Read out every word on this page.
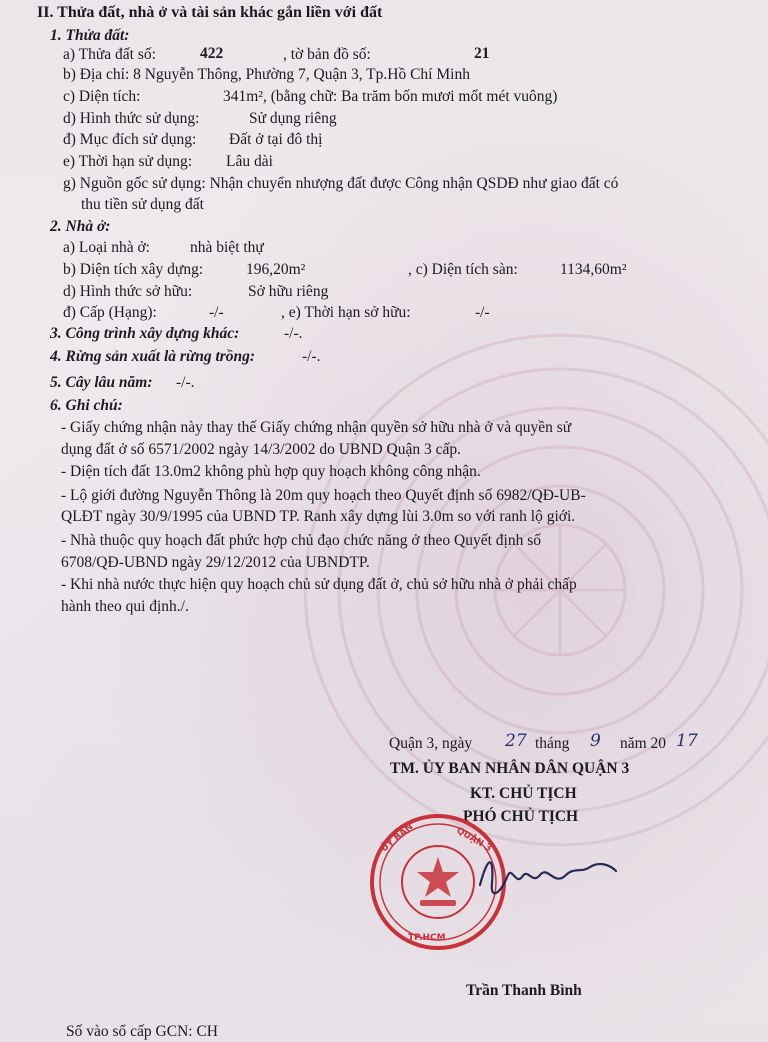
II. Thửa đất, nhà ở và tài sản khác gắn liền với đất
1. Thửa đất:
a) Thửa đất số:	422	, tờ bản đồ số:	21
b) Địa chỉ: 8 Nguyễn Thông, Phường 7, Quận 3, Tp.Hồ Chí Minh
c) Diện tích:	341m², (bằng chữ: Ba trăm bốn mươi mốt mét vuông)
d) Hình thức sử dụng:	Sử dụng riêng
đ) Mục đích sử dụng: Đất ở tại đô thị
e) Thời hạn sử dụng: Lâu dài
g) Nguồn gốc sử dụng: Nhận chuyển nhượng đất được Công nhận QSDĐ như giao đất có
thu tiền sử dụng đất
2. Nhà ở:
a) Loại nhà ở:	nhà biệt thự
b) Diện tích xây dựng:	196,20m²	, c) Diện tích sàn:	1134,60m²
d) Hình thức sở hữu:	Sở hữu riêng
đ) Cấp (Hạng):	-/-	, e) Thời hạn sở hữu:	-/-
3. Công trình xây dựng khác:	-/-.
4. Rừng sản xuất là rừng trồng:	-/-.
5. Cây lâu năm: -/-.
6. Ghi chú:
- Giấy chứng nhận này thay thế Giấy chứng nhận quyền sở hữu nhà ở và quyền sử
dụng đất ở số 6571/2002 ngày 14/3/2002 do UBND Quận 3 cấp.
- Diện tích đất 13.0m2 không phù hợp quy hoạch không công nhận.
- Lộ giới đường Nguyễn Thông là 20m quy hoạch theo Quyết định số 6982/QĐ-UB-
QLĐT ngày 30/9/1995 của UBND TP. Ranh xây dựng lùi 3.0m so với ranh lộ giới.
- Nhà thuộc quy hoạch đất phức hợp chủ đạo chức năng ở theo Quyết định số
6708/QĐ-UBND ngày 29/12/2012 của UBNDTP.
- Khi nhà nước thực hiện quy hoạch chủ sử dụng đất ở, chủ sở hữu nhà ở phải chấp
hành theo qui định./.
Quận 3, ngày 27 tháng 9 năm 20 17
TM. ỦY BAN NHÂN DÂN QUẬN 3
KT. CHỦ TỊCH
PHÓ CHỦ TỊCH
ỦY BAN	QUẬN 3
TP.HCM
Trần Thanh Bình
Số vào sổ cấp GCN: CH
